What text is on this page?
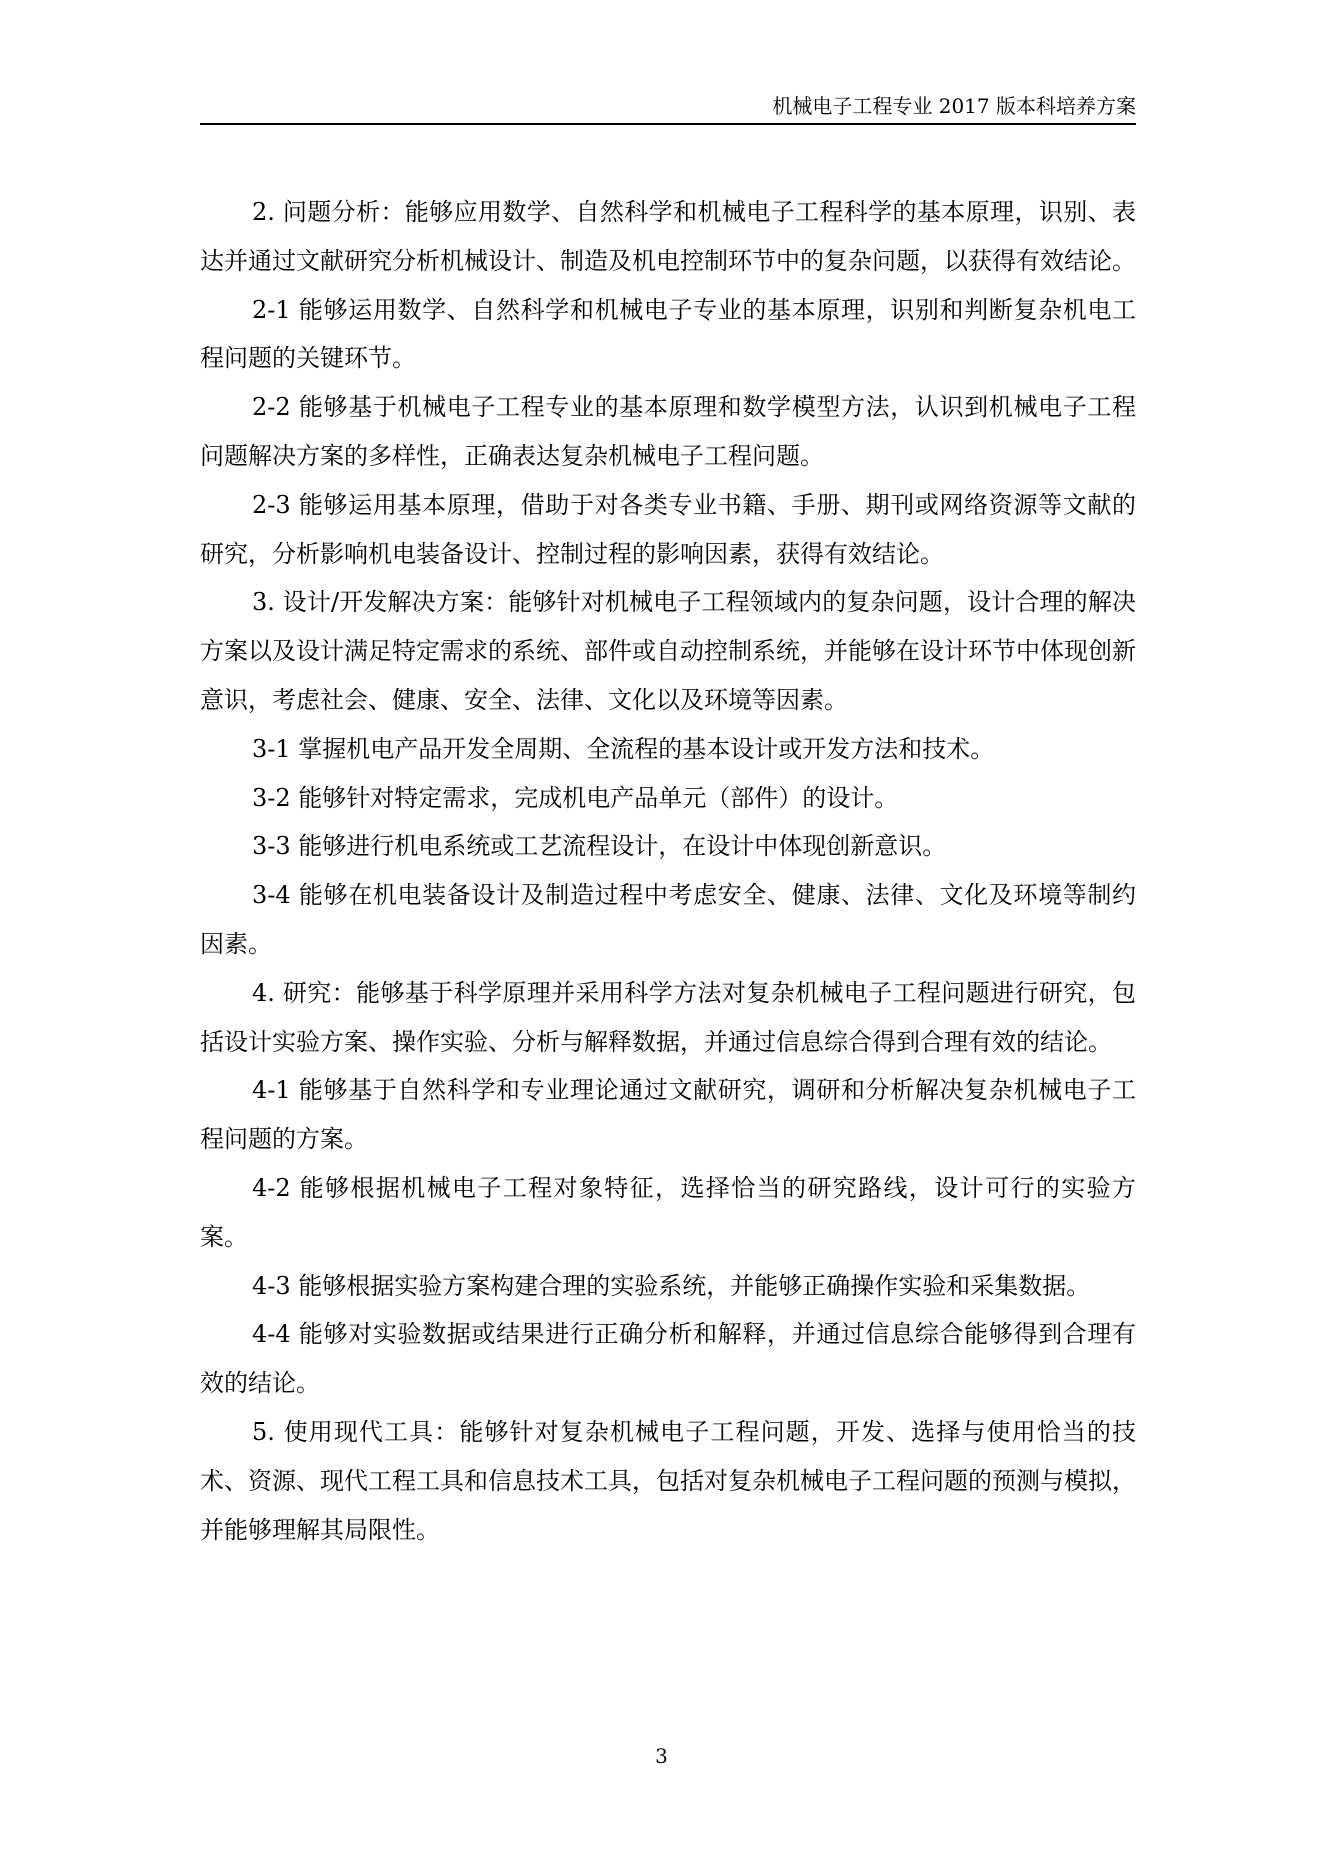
机械电子工程专业 2017 版本科培养方案

2. 问题分析：能够应用数学、自然科学和机械电子工程科学的基本原理，识别、表达并通过文献研究分析机械设计、制造及机电控制环节中的复杂问题，以获得有效结论。

2-1 能够运用数学、自然科学和机械电子专业的基本原理，识别和判断复杂机电工程问题的关键环节。

2-2 能够基于机械电子工程专业的基本原理和数学模型方法，认识到机械电子工程问题解决方案的多样性，正确表达复杂机械电子工程问题。

2-3 能够运用基本原理，借助于对各类专业书籍、手册、期刊或网络资源等文献的研究，分析影响机电装备设计、控制过程的影响因素，获得有效结论。

3. 设计/开发解决方案：能够针对机械电子工程领域内的复杂问题，设计合理的解决方案以及设计满足特定需求的系统、部件或自动控制系统，并能够在设计环节中体现创新意识，考虑社会、健康、安全、法律、文化以及环境等因素。

3-1 掌握机电产品开发全周期、全流程的基本设计或开发方法和技术。

3-2 能够针对特定需求，完成机电产品单元（部件）的设计。

3-3 能够进行机电系统或工艺流程设计，在设计中体现创新意识。

3-4 能够在机电装备设计及制造过程中考虑安全、健康、法律、文化及环境等制约因素。

4. 研究：能够基于科学原理并采用科学方法对复杂机械电子工程问题进行研究，包括设计实验方案、操作实验、分析与解释数据，并通过信息综合得到合理有效的结论。

4-1 能够基于自然科学和专业理论通过文献研究，调研和分析解决复杂机械电子工程问题的方案。

4-2 能够根据机械电子工程对象特征，选择恰当的研究路线，设计可行的实验方案。

4-3 能够根据实验方案构建合理的实验系统，并能够正确操作实验和采集数据。

4-4 能够对实验数据或结果进行正确分析和解释，并通过信息综合能够得到合理有效的结论。

5. 使用现代工具：能够针对复杂机械电子工程问题，开发、选择与使用恰当的技术、资源、现代工程工具和信息技术工具，包括对复杂机械电子工程问题的预测与模拟，并能够理解其局限性。

3
